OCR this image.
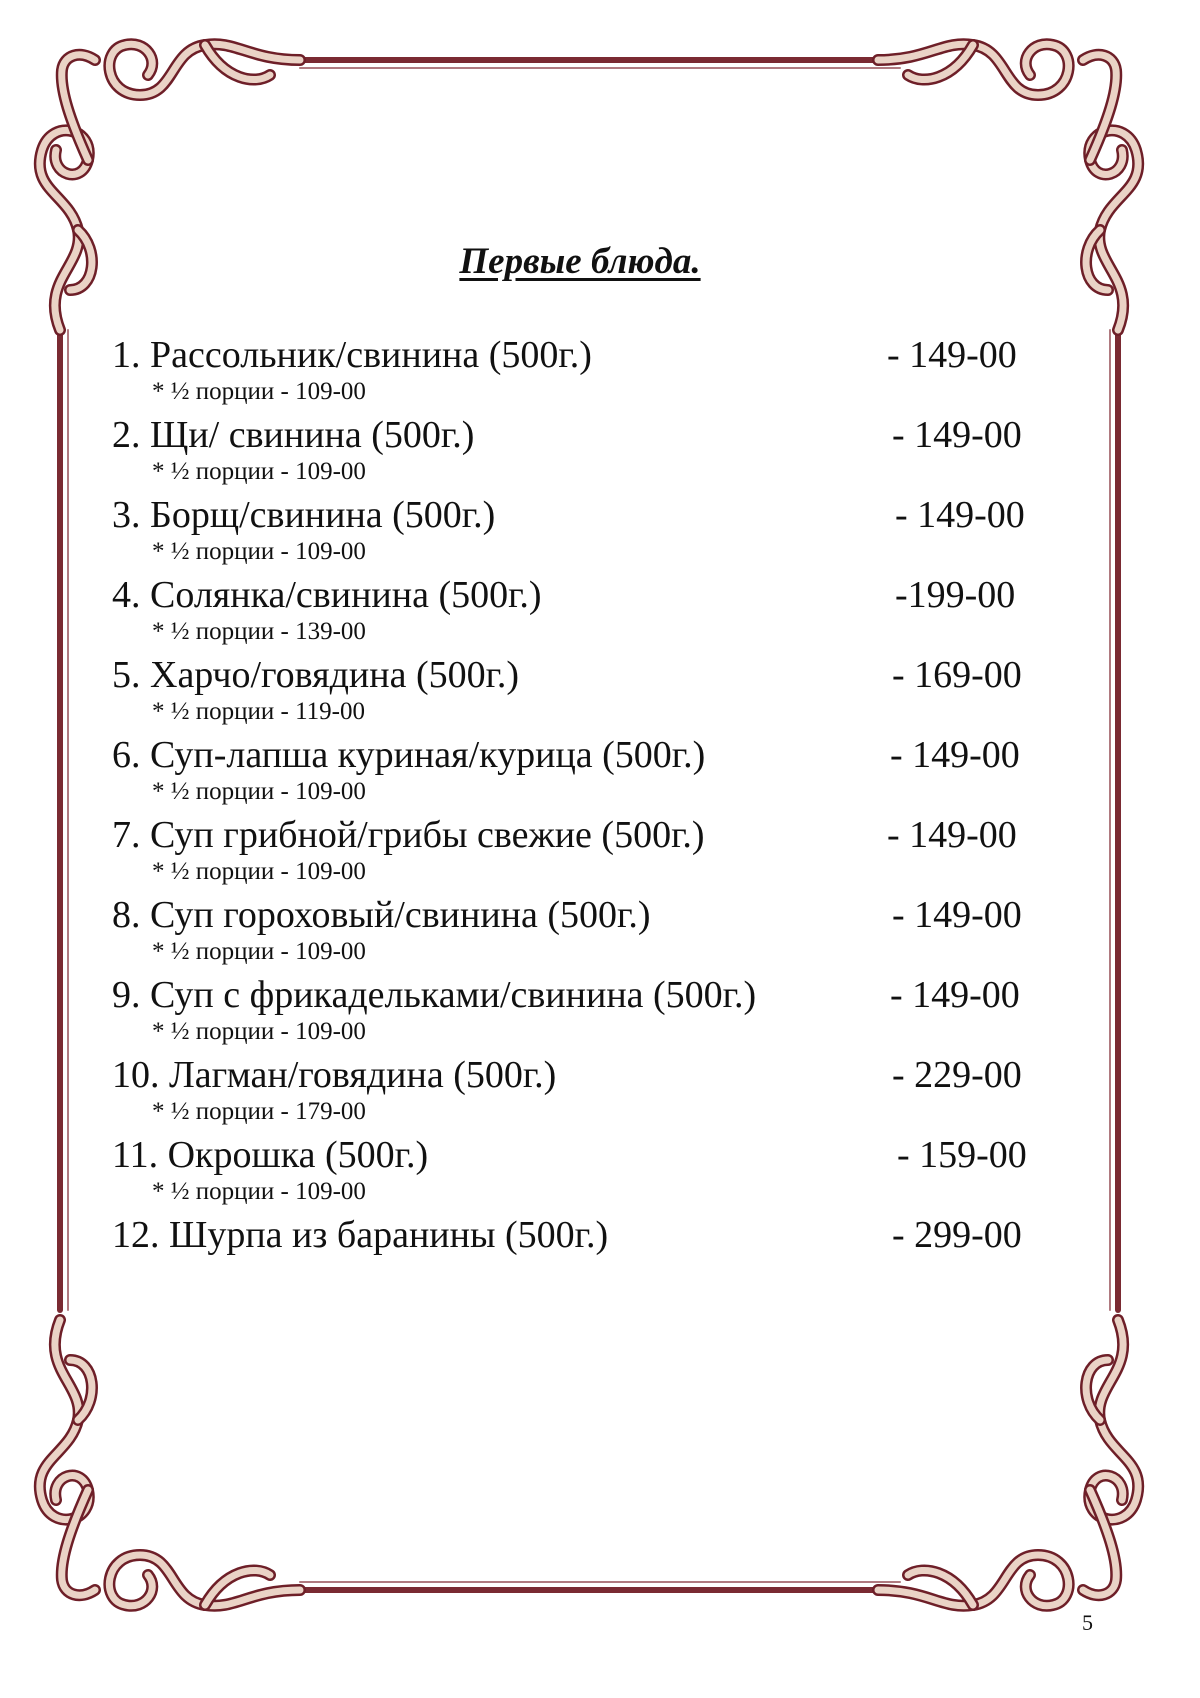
Первые блюда.
1. Рассольник/свинина (500г.)	- 149-00
* ½ порции - 109-00
2. Щи/ свинина (500г.)	- 149-00
* ½ порции - 109-00
3. Борщ/свинина (500г.)	- 149-00
* ½ порции - 109-00
4. Солянка/свинина (500г.)	-199-00
* ½ порции - 139-00
5. Харчо/говядина (500г.)	- 169-00
* ½ порции - 119-00
6. Суп-лапша куриная/курица (500г.)	- 149-00
* ½ порции - 109-00
7. Суп грибной/грибы свежие (500г.)	- 149-00
* ½ порции - 109-00
8. Суп гороховый/свинина (500г.)	- 149-00
* ½ порции - 109-00
9. Суп с фрикадельками/свинина (500г.)	- 149-00
* ½ порции - 109-00
10. Лагман/говядина (500г.)	- 229-00
* ½ порции - 179-00
11. Окрошка (500г.)	- 159-00
* ½ порции - 109-00
12. Шурпа из баранины (500г.)	- 299-00
5
